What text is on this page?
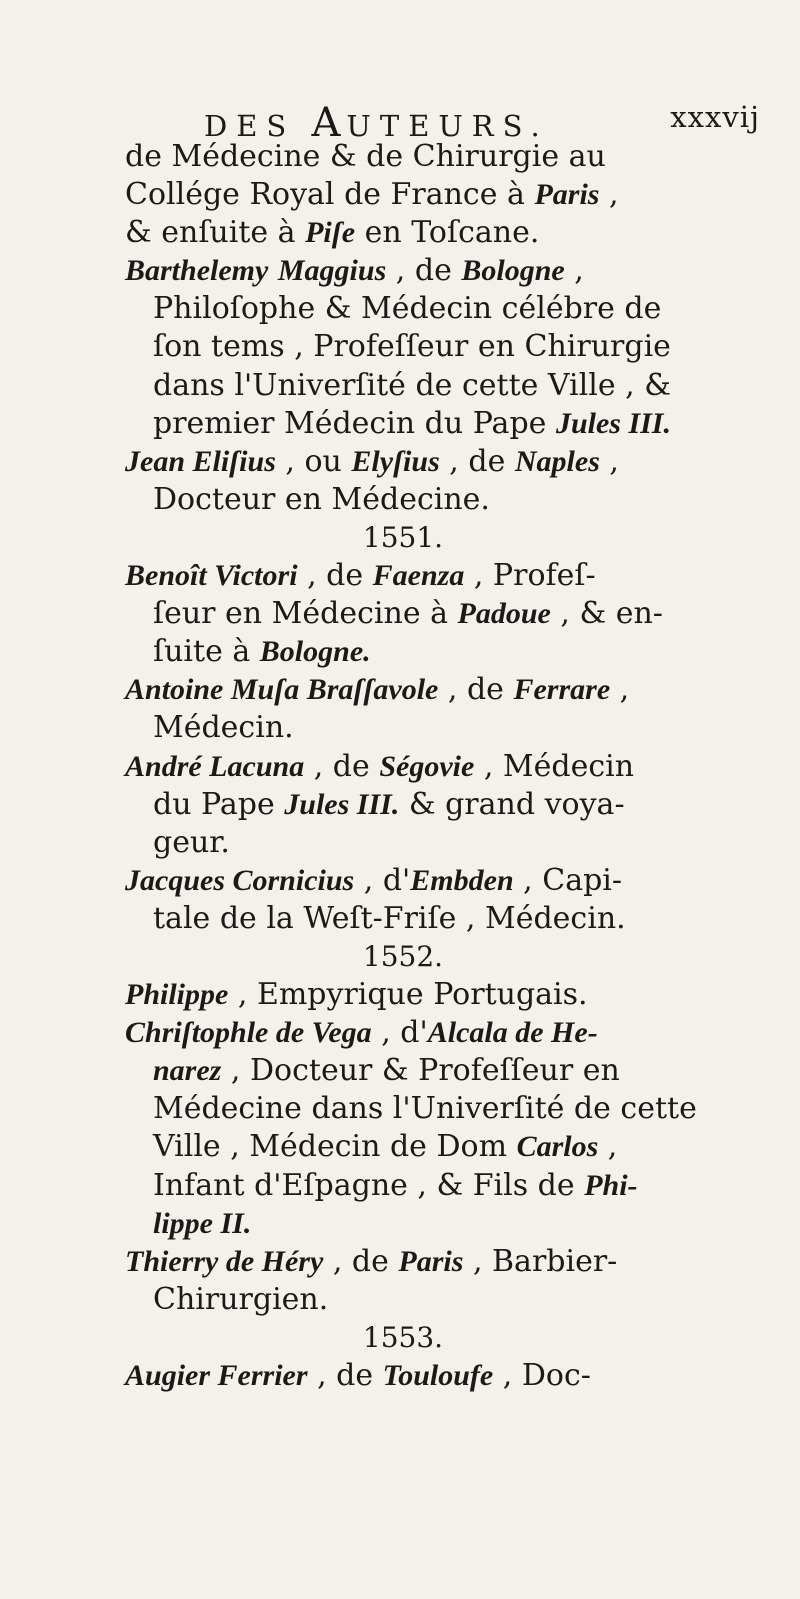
DES AUTEURS.	xxxvij
de Médecine & de Chirurgie au
Collége Royal de France à Paris ,
& enſuite à Piſe en Toſcane.
Barthelemy Maggius , de Bologne ,
Philoſophe & Médecin célébre de
ſon tems , Profeſſeur en Chirurgie
dans l'Univerſité de cette Ville , &
premier Médecin du Pape Jules III.
Jean Eliſius , ou Elyſius , de Naples ,
Docteur en Médecine.
1551.
Benoît Victori , de Faenza , Profeſ-
ſeur en Médecine à Padoue , & en-
ſuite à Bologne.
Antoine Muſa Braſſavole , de Ferrare ,
Médecin.
André Lacuna , de Ségovie , Médecin
du Pape Jules III. & grand voya-
geur.
Jacques Cornicius , d'Embden , Capi-
tale de la Weſt-Friſe , Médecin.
1552.
Philippe , Empyrique Portugais.
Chriſtophle de Vega , d'Alcala de He-
narez , Docteur & Profeſſeur en
Médecine dans l'Univerſité de cette
Ville , Médecin de Dom Carlos ,
Infant d'Eſpagne , & Fils de Phi-
lippe II.
Thierry de Héry , de Paris , Barbier-
Chirurgien.
1553.
Augier Ferrier , de Touloufe , Doc-
